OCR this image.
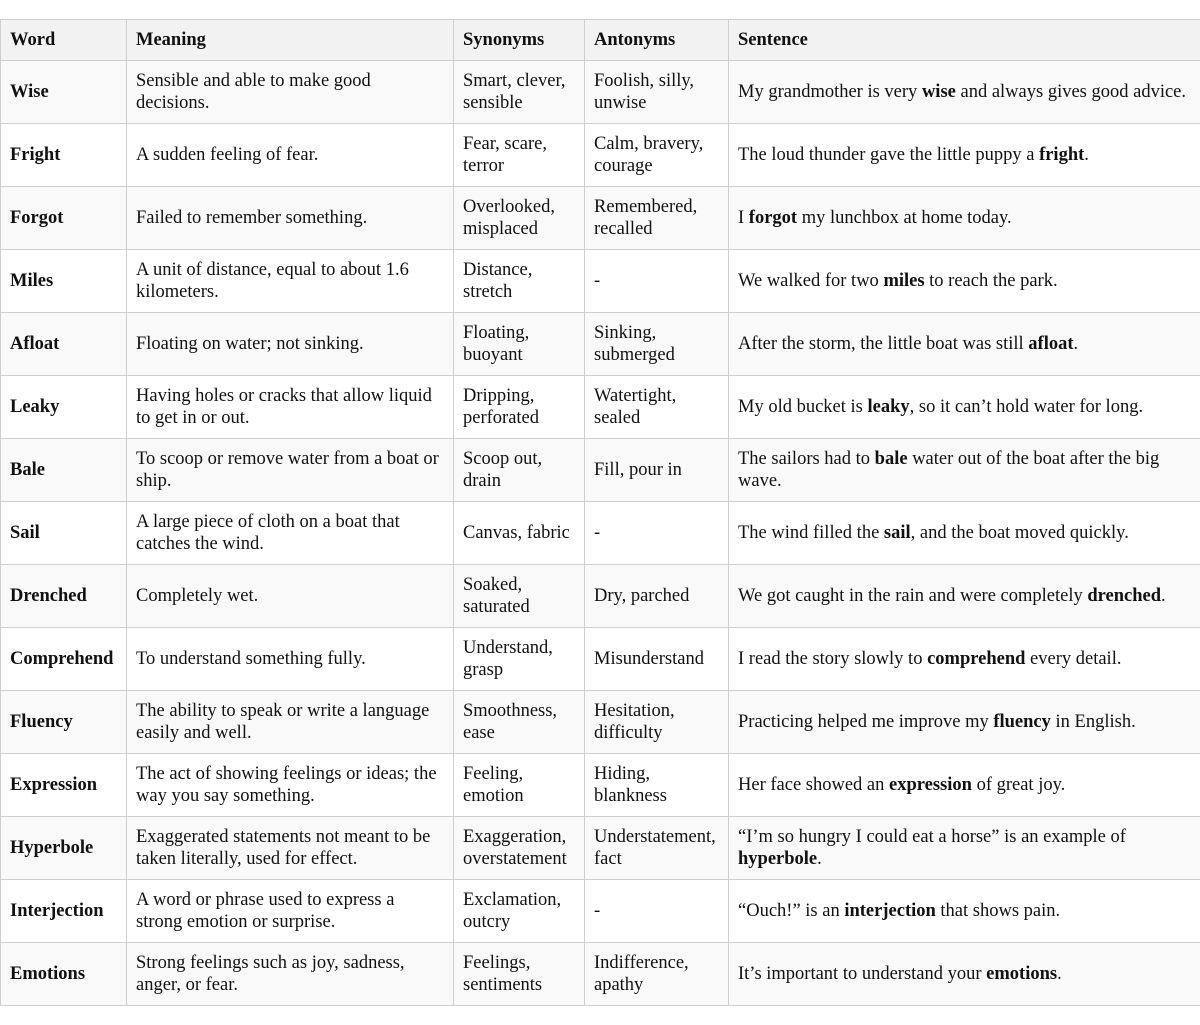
Word	Meaning	Synonyms	Antonyms	Sentence
Wise	Sensible and able to make good decisions.	Smart, clever, sensible	Foolish, silly, unwise	My grandmother is very wise and always gives good advice.
Fright	A sudden feeling of fear.	Fear, scare, terror	Calm, bravery, courage	The loud thunder gave the little puppy a fright.
Forgot	Failed to remember something.	Overlooked, misplaced	Remembered, recalled	I forgot my lunchbox at home today.
Miles	A unit of distance, equal to about 1.6 kilometers.	Distance, stretch	-	We walked for two miles to reach the park.
Afloat	Floating on water; not sinking.	Floating, buoyant	Sinking, submerged	After the storm, the little boat was still afloat.
Leaky	Having holes or cracks that allow liquid to get in or out.	Dripping, perforated	Watertight, sealed	My old bucket is leaky, so it can’t hold water for long.
Bale	To scoop or remove water from a boat or ship.	Scoop out, drain	Fill, pour in	The sailors had to bale water out of the boat after the big wave.
Sail	A large piece of cloth on a boat that catches the wind.	Canvas, fabric	-	The wind filled the sail, and the boat moved quickly.
Drenched	Completely wet.	Soaked, saturated	Dry, parched	We got caught in the rain and were completely drenched.
Comprehend	To understand something fully.	Understand, grasp	Misunderstand	I read the story slowly to comprehend every detail.
Fluency	The ability to speak or write a language easily and well.	Smoothness, ease	Hesitation, difficulty	Practicing helped me improve my fluency in English.
Expression	The act of showing feelings or ideas; the way you say something.	Feeling, emotion	Hiding, blankness	Her face showed an expression of great joy.
Hyperbole	Exaggerated statements not meant to be taken literally, used for effect.	Exaggeration, overstatement	Understatement, fact	“I’m so hungry I could eat a horse” is an example of hyperbole.
Interjection	A word or phrase used to express a strong emotion or surprise.	Exclamation, outcry	-	“Ouch!” is an interjection that shows pain.
Emotions	Strong feelings such as joy, sadness, anger, or fear.	Feelings, sentiments	Indifference, apathy	It’s important to understand your emotions.
